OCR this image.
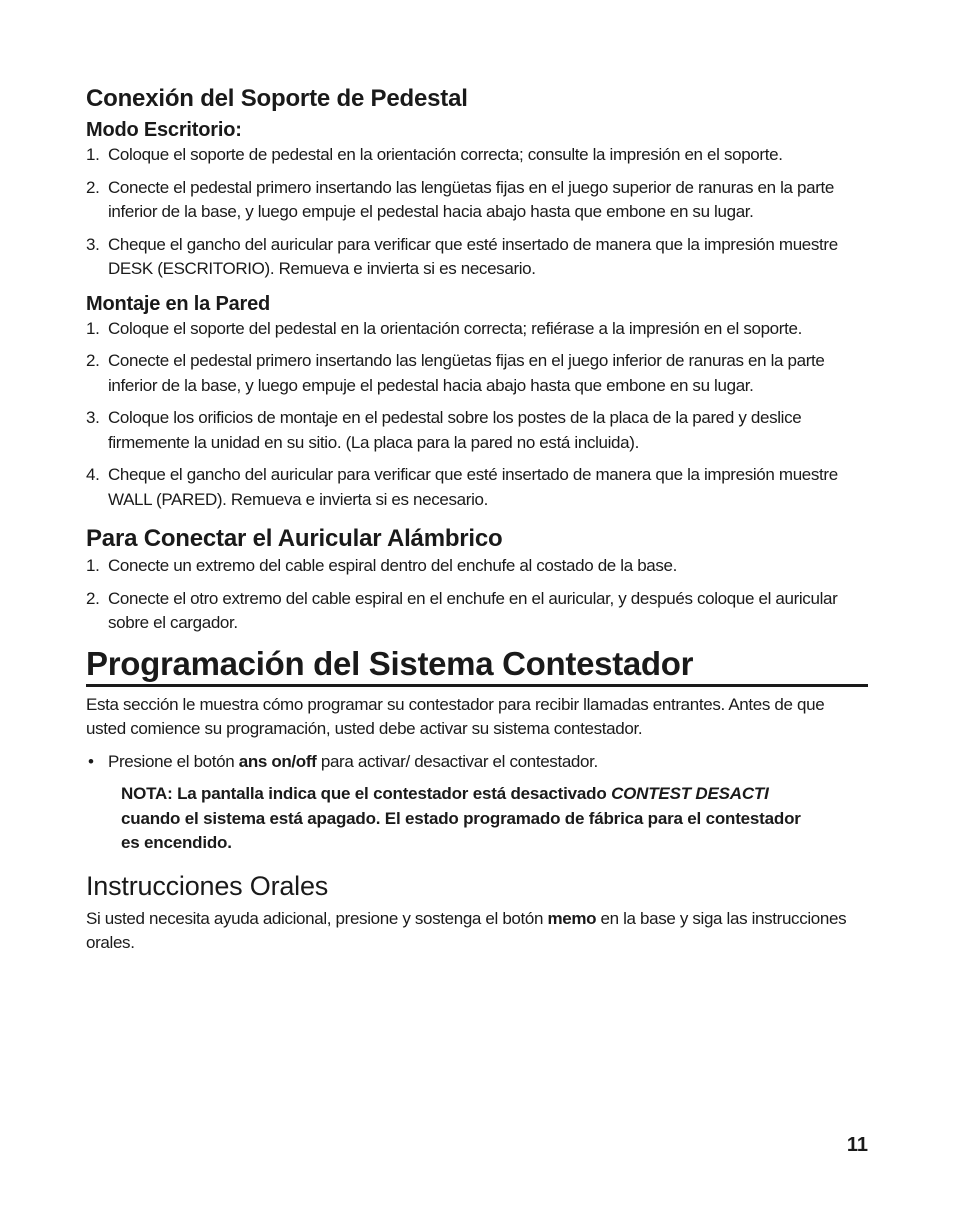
Conexión del Soporte de Pedestal
Modo Escritorio:
1. Coloque el soporte de pedestal en la orientación correcta; consulte la impresión en el soporte.
2. Conecte el pedestal primero insertando las lengüetas fijas en el juego superior de ranuras en la parte inferior de la base, y luego empuje el pedestal hacia abajo hasta que embone en su lugar.
3. Cheque el gancho del auricular para verificar que esté insertado de manera que la impresión muestre DESK (ESCRITORIO). Remueva e invierta si es necesario.
Montaje en la Pared
1. Coloque el soporte del pedestal en la orientación correcta; refiérase a la impresión en el soporte.
2. Conecte el pedestal primero insertando las lengüetas fijas en el juego inferior de ranuras en la parte inferior de la base, y luego empuje el pedestal hacia abajo hasta que embone en su lugar.
3. Coloque los orificios de montaje en el pedestal sobre los postes de la placa de la pared y deslice firmemente la unidad en su sitio. (La placa para la pared no está incluida).
4. Cheque el gancho del auricular para verificar que esté insertado de manera que la impresión muestre WALL (PARED). Remueva e invierta si es necesario.
Para Conectar el Auricular Alámbrico
1. Conecte un extremo del cable espiral dentro del enchufe al costado de la base.
2. Conecte el otro extremo del cable espiral en el enchufe en el auricular, y después coloque el auricular sobre el cargador.
Programación del Sistema Contestador

Esta sección le muestra cómo programar su contestador para recibir llamadas entrantes. Antes de que usted comience su programación, usted debe activar su sistema contestador.

• Presione el botón ans on/off para activar/ desactivar el contestador.
NOTA: La pantalla indica que el contestador está desactivado CONTEST DESACTI cuando el sistema está apagado. El estado programado de fábrica para el contestador es encendido.
Instrucciones Orales

Si usted necesita ayuda adicional, presione y sostenga el botón memo en la base y siga las instrucciones orales.

11
